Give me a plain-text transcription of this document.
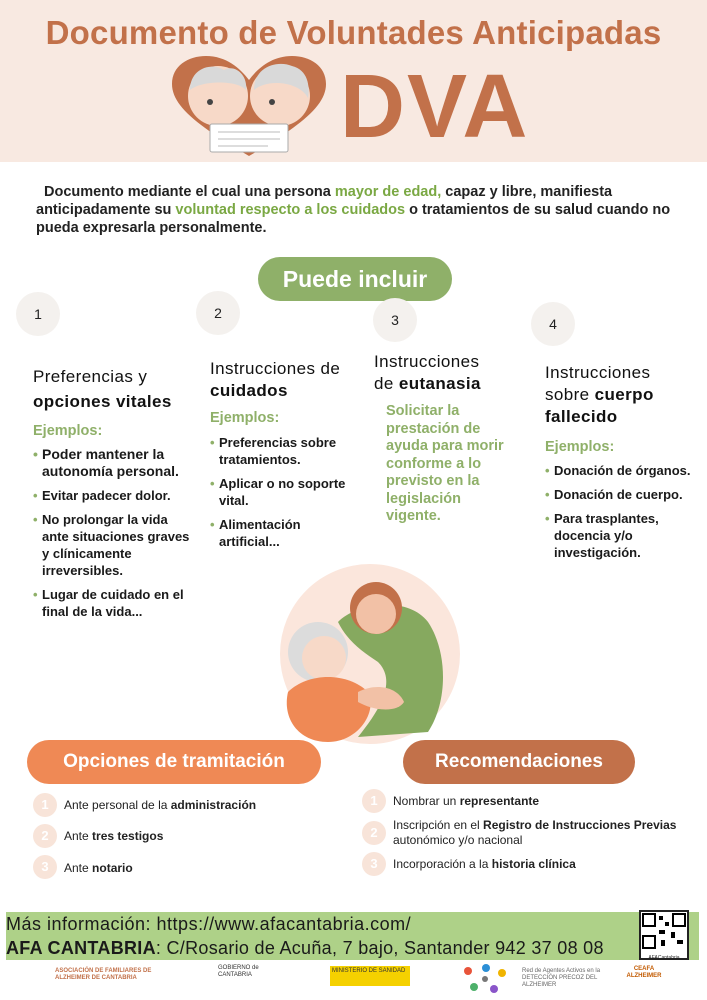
Documento de Voluntades Anticipadas
DVA
Documento mediante el cual una persona mayor de edad, capaz y libre, manifiesta anticipadamente su voluntad respecto a los cuidados o tratamientos de su salud cuando no pueda expresarla personalmente.
Puede incluir
1
Preferencias y
opciones vitales
Ejemplos:
• Poder mantener la autonomía personal.
• Evitar padecer dolor.
• No prolongar la vida ante situaciones graves y clínicamente irreversibles.
• Lugar de cuidado en el final de la vida...
2
Instrucciones de cuidados
Ejemplos:
• Preferencias sobre tratamientos.
• Aplicar o no soporte vital.
• Alimentación artificial...
3
Instrucciones de eutanasia
Solicitar la prestación de ayuda para morir conforme a lo previsto en la legislación vigente.
4
Instrucciones sobre cuerpo fallecido
Ejemplos:
• Donación de órganos.
• Donación de cuerpo.
• Para trasplantes, docencia y/o investigación.
Opciones de tramitación
1	Ante personal de la administración
2	Ante tres testigos
3	Ante notario
Recomendaciones
1	Nombrar un representante
2	Inscripción en el Registro de Instrucciones Previas autonómico y/o nacional
3	Incorporación a la historia clínica
Más información: https://www.afacantabria.com/
AFA CANTABRIA: C/Rosario de Acuña, 7 bajo, Santander 942 37 08 08	AFACantabria
ASOCIACIÓN DE FAMILIARES DE ALZHEIMER DE CANTABRIA
GOBIERNO de CANTABRIA
MINISTERIO DE SANIDAD	Red de Agentes Activos en la DETECCIÓN PRECOZ DEL ALZHEIMER
CEAFA ALZHEIMER
